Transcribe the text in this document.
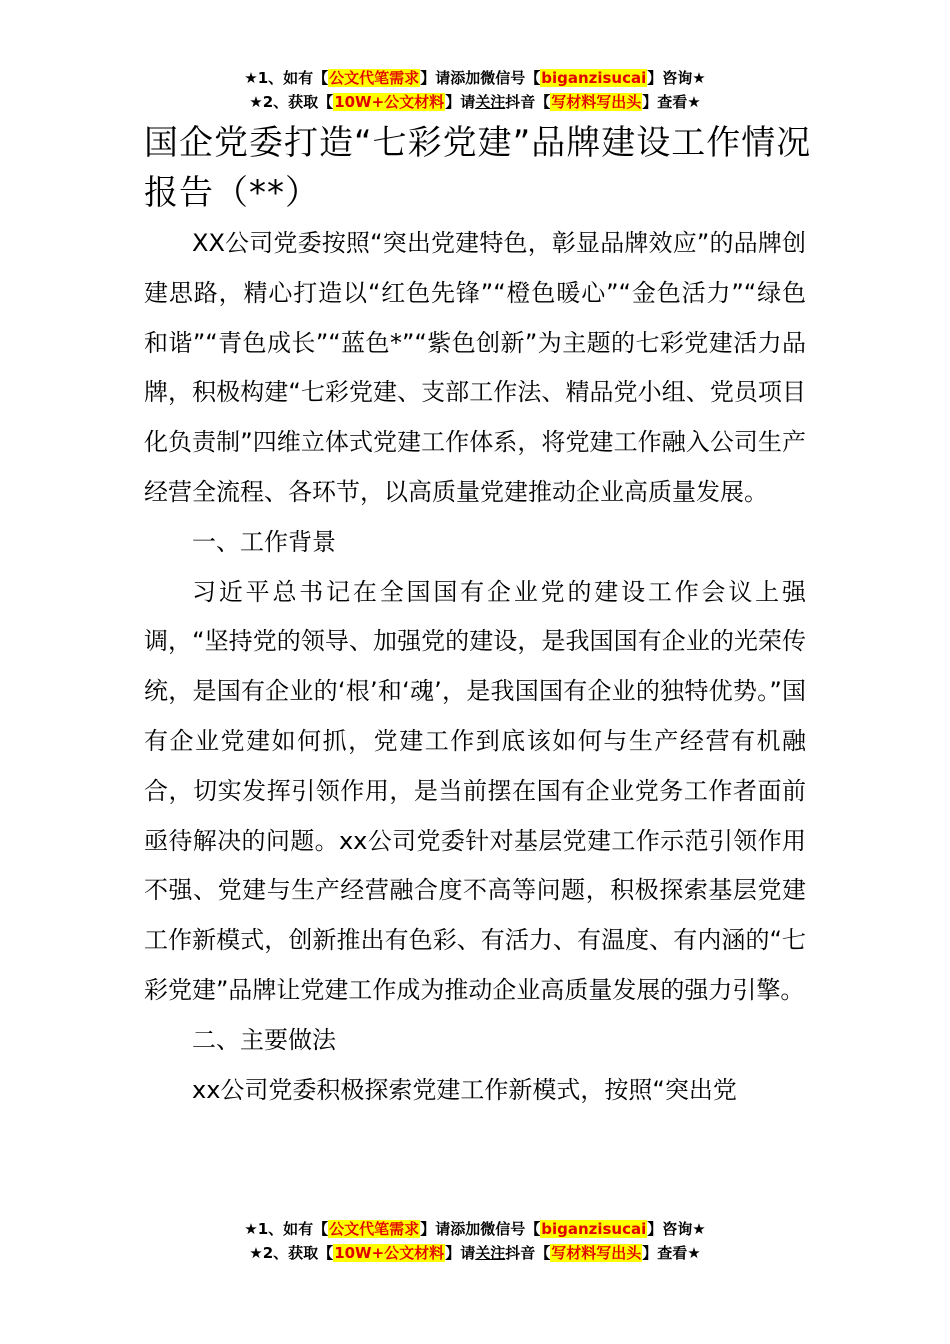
★1、如有【公文代笔需求】请添加微信号【biganzisucai】咨询★
★2、获取【10W+公文材料】请关注抖音【写材料写出头】查看★
国企党委打造“七彩党建”品牌建设工作情况报告（**）

XX公司党委按照“突出党建特色，彰显品牌效应”的品牌创建思路，精心打造以“红色先锋”“橙色暖心”“金色活力”“绿色和谐”“青色成长”“蓝色*”“紫色创新”为主题的七彩党建活力品牌，积极构建“七彩党建、支部工作法、精品党小组、党员项目化负责制”四维立体式党建工作体系，将党建工作融入公司生产经营全流程、各环节，以高质量党建推动企业高质量发展。

一、工作背景

习近平总书记在全国国有企业党的建设工作会议上强调，“坚持党的领导、加强党的建设，是我国国有企业的光荣传统，是国有企业的‘根’和‘魂’，是我国国有企业的独特优势。”国有企业党建如何抓，党建工作到底该如何与生产经营有机融合，切实发挥引领作用，是当前摆在国有企业党务工作者面前亟待解决的问题。xx公司党委针对基层党建工作示范引领作用不强、党建与生产经营融合度不高等问题，积极探索基层党建工作新模式，创新推出有色彩、有活力、有温度、有内涵的“七彩党建”品牌让党建工作成为推动企业高质量发展的强力引擎。

二、主要做法

xx公司党委积极探索党建工作新模式，按照“突出党

★1、如有【公文代笔需求】请添加微信号【biganzisucai】咨询★
★2、获取【10W+公文材料】请关注抖音【写材料写出头】查看★
